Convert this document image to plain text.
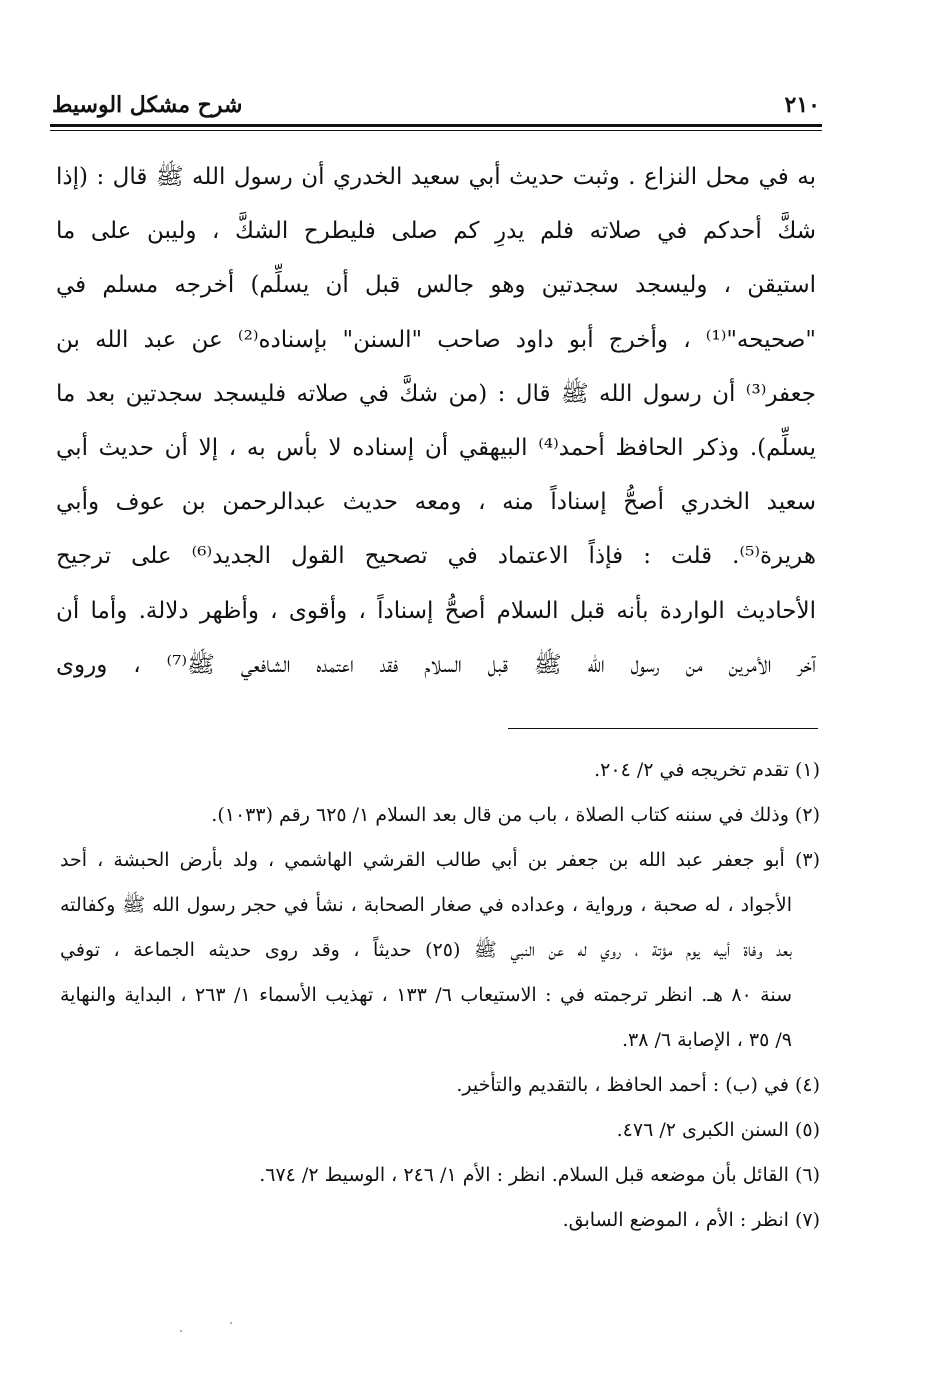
٢١٠
شرح مشكل الوسيط
به في محل النزاع . وثبت حديث أبي سعيد الخدري أن رسول الله ﷺ قال : (إذا
شكَّ أحدكم في صلاته فلم يدرِ كم صلى فليطرح الشكَّ ، وليبن على ما
استيقن ، وليسجد سجدتين وهو جالس قبل أن يسلِّم) أخرجه مسلم في
"صحيحه"⁽¹⁾ ، وأخرج أبو داود صاحب "السنن" بإسناده⁽²⁾ عن عبد الله بن
جعفر⁽³⁾ أن رسول الله ﷺ قال : (من شكَّ في صلاته فليسجد سجدتين بعد ما
يسلِّم). وذكر الحافظ أحمد⁽⁴⁾ البيهقي أن إسناده لا بأس به ، إلا أن حديث أبي
سعيد الخدري أصحُّ إسناداً منه ، ومعه حديث عبدالرحمن بن عوف وأبي
هريرة⁽⁵⁾. قلت : فإذاً الاعتماد في تصحيح القول الجديد⁽⁶⁾ على ترجيح
الأحاديث الواردة بأنه قبل السلام أصحُّ إسناداً ، وأقوى ، وأظهر دلالة. وأما أن
آخر الأمرين من رسول الله ﷺ قبل السلام فقد اعتمده الشافعي ﷺ⁽⁷⁾ ، وروى
(١) تقدم تخريجه في ٢/ ٢٠٤.
(٢) وذلك في سننه كتاب الصلاة ، باب من قال بعد السلام ١/ ٦٢٥ رقم (١٠٣٣).
(٣) أبو جعفر عبد الله بن جعفر بن أبي طالب القرشي الهاشمي ، ولد بأرض الحبشة ، أحد
الأجواد ، له صحبة ، ورواية ، وعداده في صغار الصحابة ، نشأ في حجر رسول الله ﷺ وكفالته
بعد وفاة أبيه يوم مؤتة ، روي له عن النبي ﷺ (٢٥) حديثاً ، وقد روى حديثه الجماعة ، توفي
سنة ٨٠ هـ. انظر ترجمته في : الاستيعاب ٦/ ١٣٣ ، تهذيب الأسماء ١/ ٢٦٣ ، البداية والنهاية
٩/ ٣٥ ، الإصابة ٦/ ٣٨.
(٤) في (ب) : أحمد الحافظ ، بالتقديم والتأخير.
(٥) السنن الكبرى ٢/ ٤٧٦.
(٦) القائل بأن موضعه قبل السلام. انظر : الأم ١/ ٢٤٦ ، الوسيط ٢/ ٦٧٤.
(٧) انظر : الأم ، الموضع السابق.
